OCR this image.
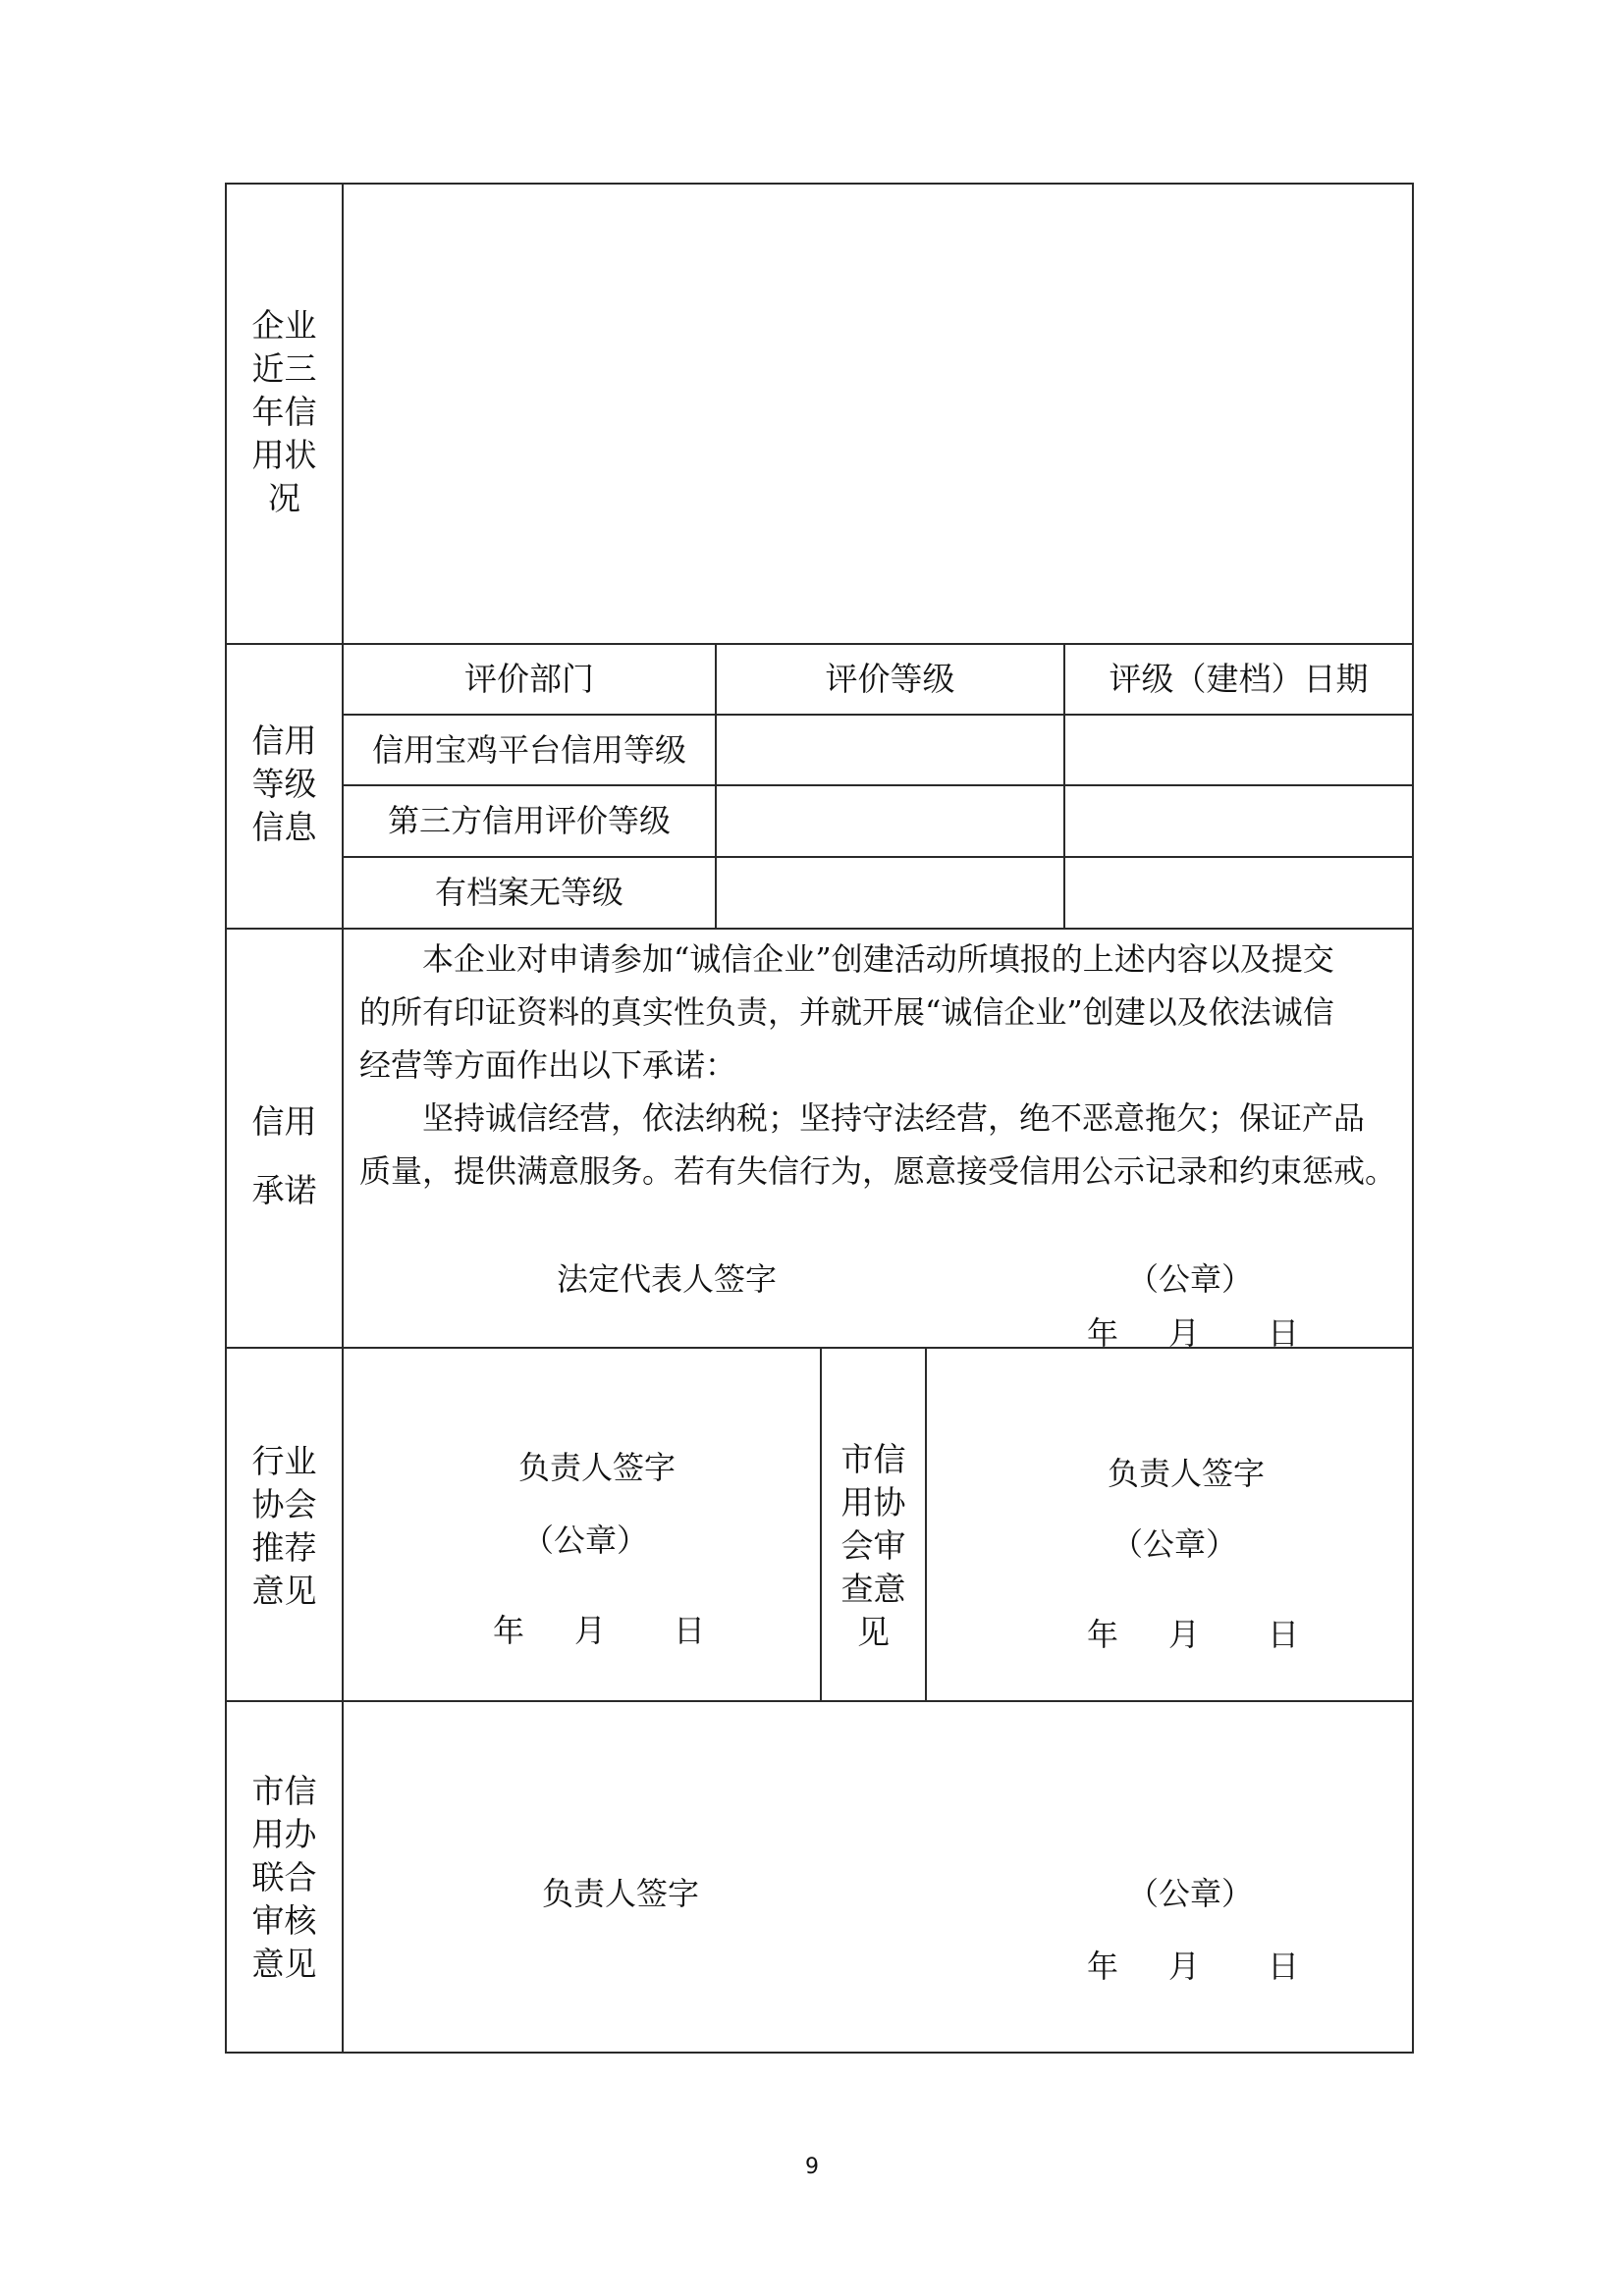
企业
近三
年信
用状
况
信用
等级
信息
评价部门	评价等级	评级（建档）日期
信用宝鸡平台信用等级
第三方信用评价等级
有档案无等级
信用
承诺
本企业对申请参加“诚信企业”创建活动所填报的上述内容以及提交
的所有印证资料的真实性负责，并就开展“诚信企业”创建以及依法诚信
经营等方面作出以下承诺：
坚持诚信经营，依法纳税；坚持守法经营，绝不恶意拖欠；保证产品
质量，提供满意服务。若有失信行为，愿意接受信用公示记录和约束惩戒。
法定代表人签字	（公章）
年 月 日
行业
协会
推荐
意见
负责人签字
（公章）
年 月 日
市信
用协
会审
查意
见
负责人签字
（公章）
年 月 日
市信
用办
联合
审核
意见
负责人签字	（公章）
年 月 日
9
